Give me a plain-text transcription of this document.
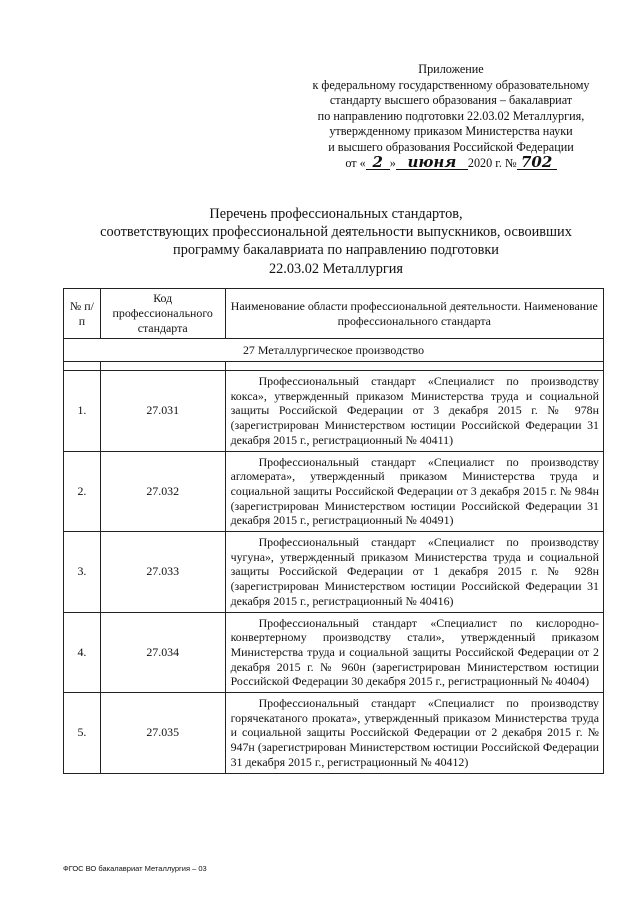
Приложение
к федеральному государственному образовательному
стандарту высшего образования – бакалавриат
по направлению подготовки 22.03.02 Металлургия,
утвержденному приказом Министерства науки
и высшего образования Российской Федерации
от « 2 » июня 2020 г. № 702
Перечень профессиональных стандартов,
соответствующих профессиональной деятельности выпускников, освоивших
программу бакалавриата по направлению подготовки
22.03.02 Металлургия
№ п/п	Код профессионального стандарта	Наименование области профессиональной деятельности. Наименование профессионального стандарта
27 Металлургическое производство		

1.	27.031	Профессиональный стандарт «Специалист по производству кокса», утвержденный приказом Министерства труда и социальной защиты Российской Федерации от 3 декабря 2015 г. № 978н (зарегистрирован Министерством юстиции Российской Федерации 31 декабря 2015 г., регистрационный № 40411)
2.	27.032	Профессиональный стандарт «Специалист по производству агломерата», утвержденный приказом Министерства труда и социальной защиты Российской Федерации от 3 декабря 2015 г. № 984н (зарегистрирован Министерством юстиции Российской Федерации 31 декабря 2015 г., регистрационный № 40491)
3.	27.033	Профессиональный стандарт «Специалист по производству чугуна», утвержденный приказом Министерства труда и социальной защиты Российской Федерации от 1 декабря 2015 г. № 928н (зарегистрирован Министерством юстиции Российской Федерации 31 декабря 2015 г., регистрационный № 40416)
4.	27.034	Профессиональный стандарт «Специалист по кислородно-конвертерному производству стали», утвержденный приказом Министерства труда и социальной защиты Российской Федерации от 2 декабря 2015 г. № 960н (зарегистрирован Министерством юстиции Российской Федерации 30 декабря 2015 г., регистрационный № 40404)
5.	27.035	Профессиональный стандарт «Специалист по производству горячекатаного проката», утвержденный приказом Министерства труда и социальной защиты Российской Федерации от 2 декабря 2015 г. № 947н (зарегистрирован Министерством юстиции Российской Федерации 31 декабря 2015 г., регистрационный № 40412)
ФГОС ВО бакалавриат Металлургия – 03
